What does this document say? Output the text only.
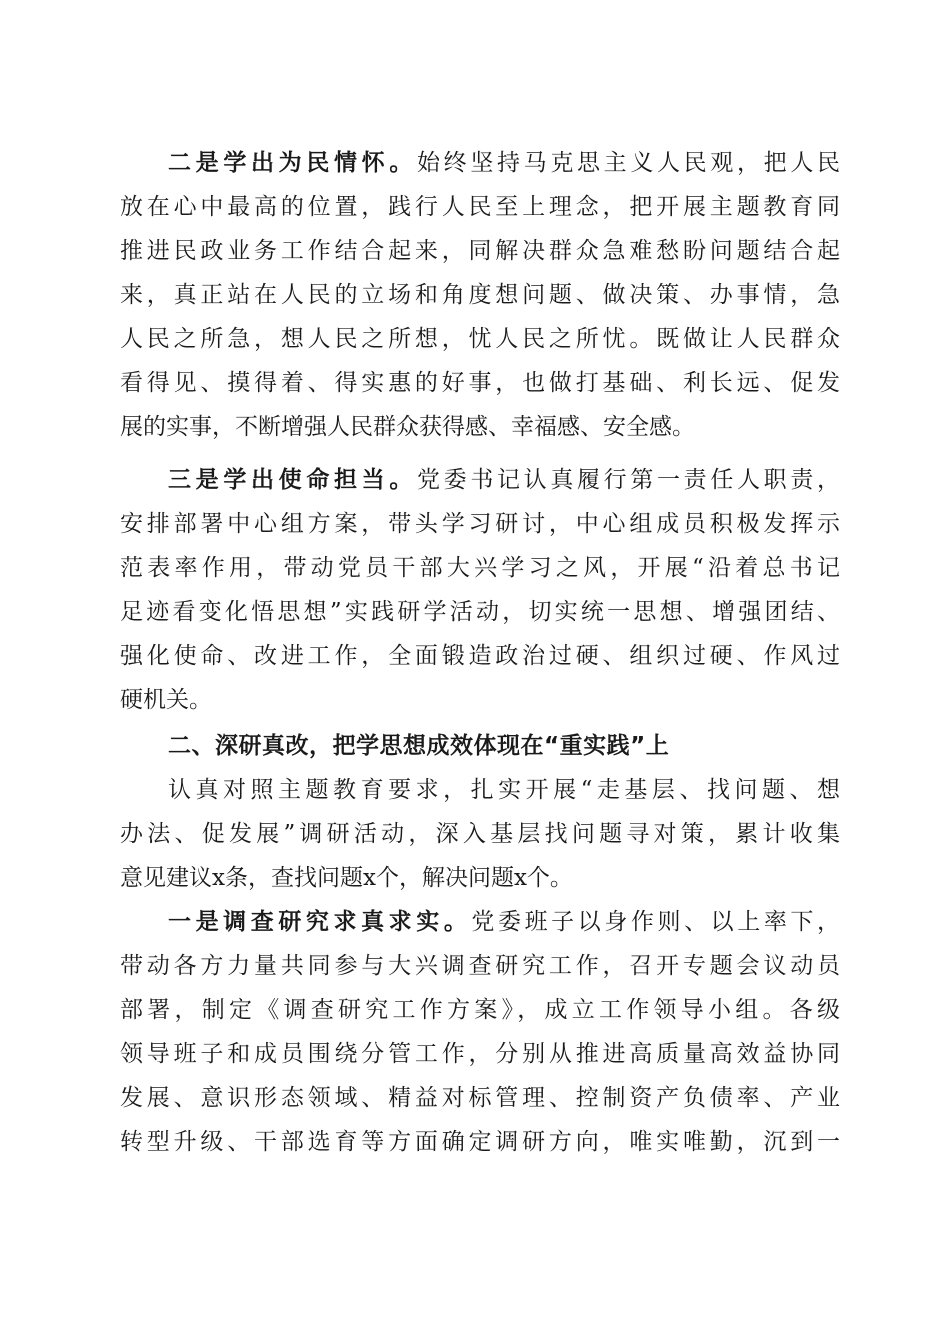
二是学出为民情怀。始终坚持马克思主义人民观，把人民
放在心中最高的位置，践行人民至上理念，把开展主题教育同
推进民政业务工作结合起来，同解决群众急难愁盼问题结合起
来，真正站在人民的立场和角度想问题、做决策、办事情，急
人民之所急，想人民之所想，忧人民之所忧。既做让人民群众
看得见、摸得着、得实惠的好事，也做打基础、利长远、促发
展的实事，不断增强人民群众获得感、幸福感、安全感。
三是学出使命担当。党委书记认真履行第一责任人职责，
安排部署中心组方案，带头学习研讨，中心组成员积极发挥示
范表率作用，带动党员干部大兴学习之风，开展“沿着总书记
足迹看变化悟思想”实践研学活动，切实统一思想、增强团结、
强化使命、改进工作，全面锻造政治过硬、组织过硬、作风过
硬机关。
二、深研真改，把学思想成效体现在“重实践”上
认真对照主题教育要求，扎实开展“走基层、找问题、想
办法、促发展”调研活动，深入基层找问题寻对策，累计收集
意见建议x条，查找问题x个，解决问题x个。
一是调查研究求真求实。党委班子以身作则、以上率下，
带动各方力量共同参与大兴调查研究工作，召开专题会议动员
部署，制定《调查研究工作方案》，成立工作领导小组。各级
领导班子和成员围绕分管工作，分别从推进高质量高效益协同
发展、意识形态领域、精益对标管理、控制资产负债率、产业
转型升级、干部选育等方面确定调研方向，唯实唯勤，沉到一
